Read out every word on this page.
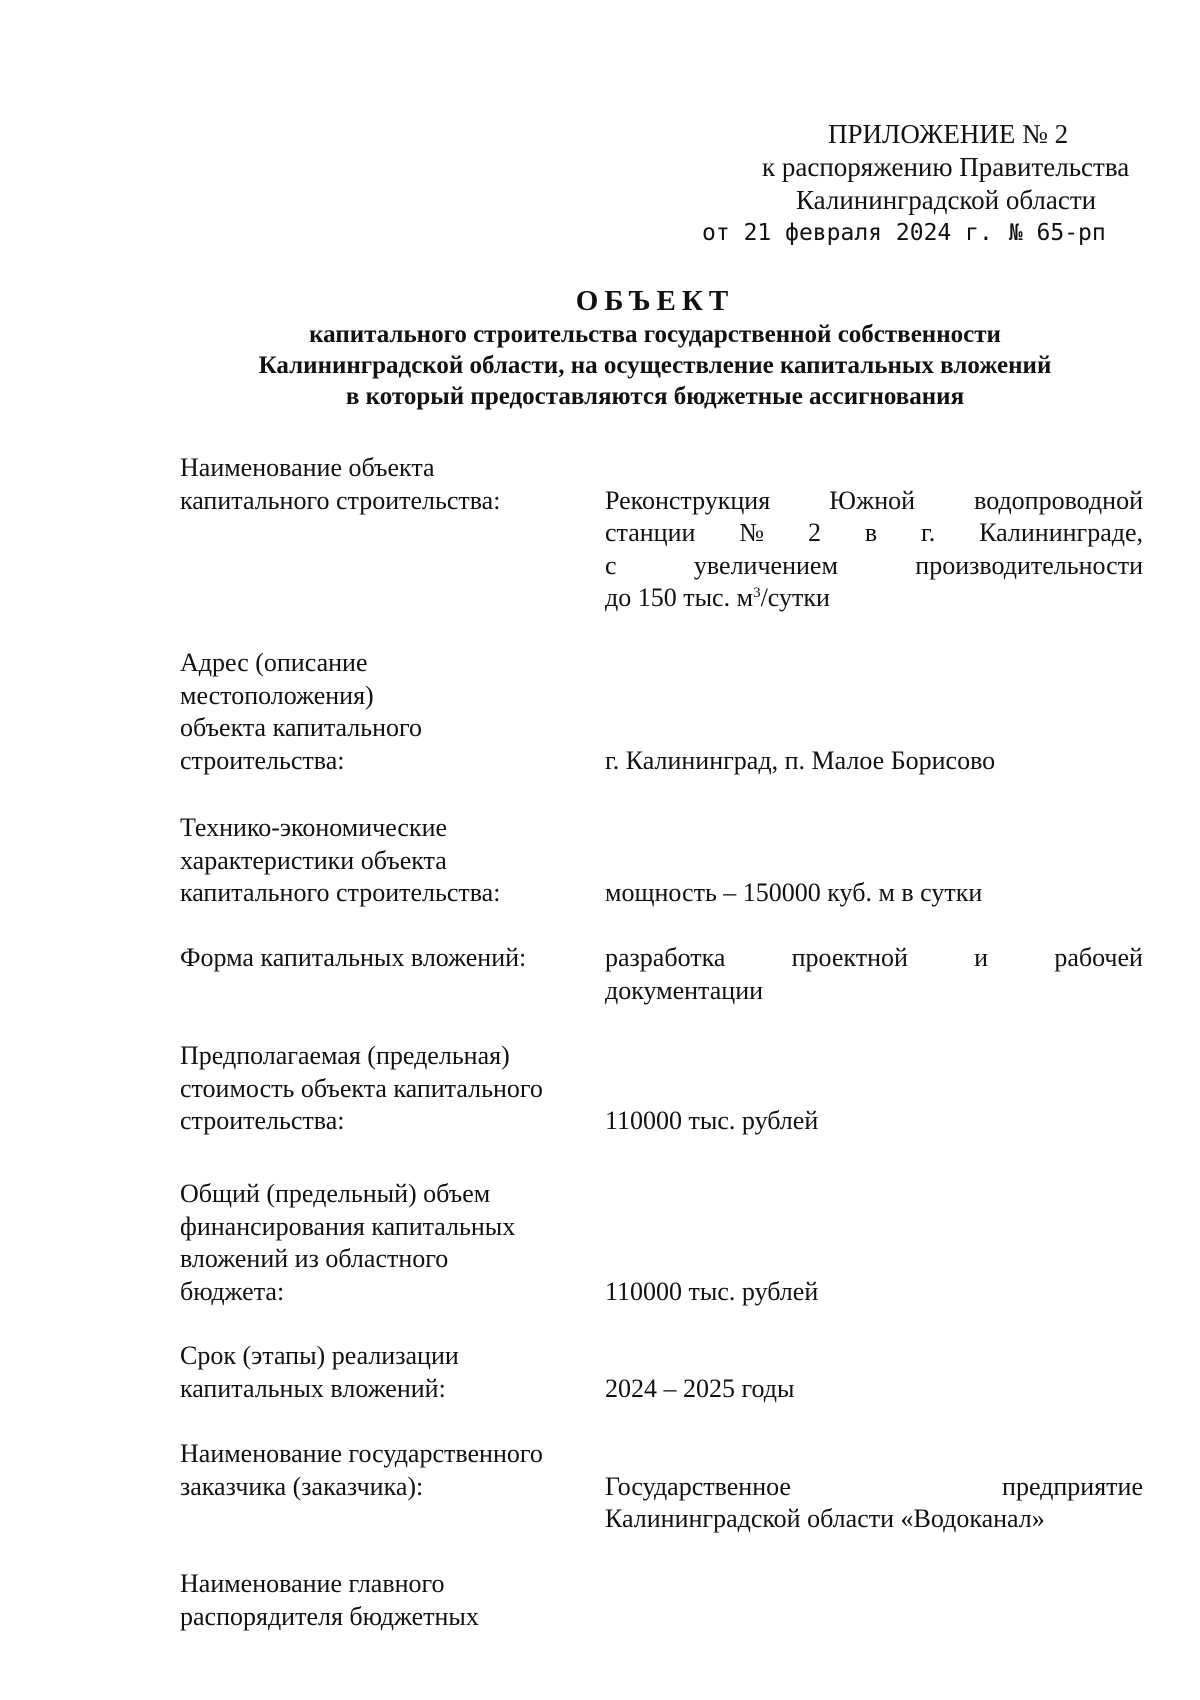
ПРИЛОЖЕНИЕ № 2
к распоряжению Правительства
Калининградской области
от 21 февраля 2024 г. № 65-рп
ОБЪЕКТ
капитального строительства государственной собственности
Калининградской области, на осуществление капитальных вложений
в который предоставляются бюджетные ассигнования
Наименование объекта
капитального строительства:	Реконструкция Южной водопроводной
станции № 2 в г. Калининграде,
с	увеличением	производительности
до 150 тыс. $м^3$/сутки
Адрес (описание
местоположения)
объекта капитального
строительства:	г. Калининград, п. Малое Борисово
Технико-экономические
характеристики объекта
капитального строительства:	мощность – 150000 куб. м в сутки
Форма капитальных вложений:	разработка	проектной	и	рабочей
документации
Предполагаемая (предельная)
стоимость объекта капитального
строительства:	110000 тыс. рублей
Общий (предельный) объем
финансирования капитальных
вложений из областного
бюджета:	110000 тыс. рублей
Срок (этапы) реализации
капитальных вложений:	2024 – 2025 годы
Наименование государственного
заказчика (заказчика):	Государственное	предприятие
Калининградской области «Водоканал»
Наименование главного
распорядителя бюджетных
